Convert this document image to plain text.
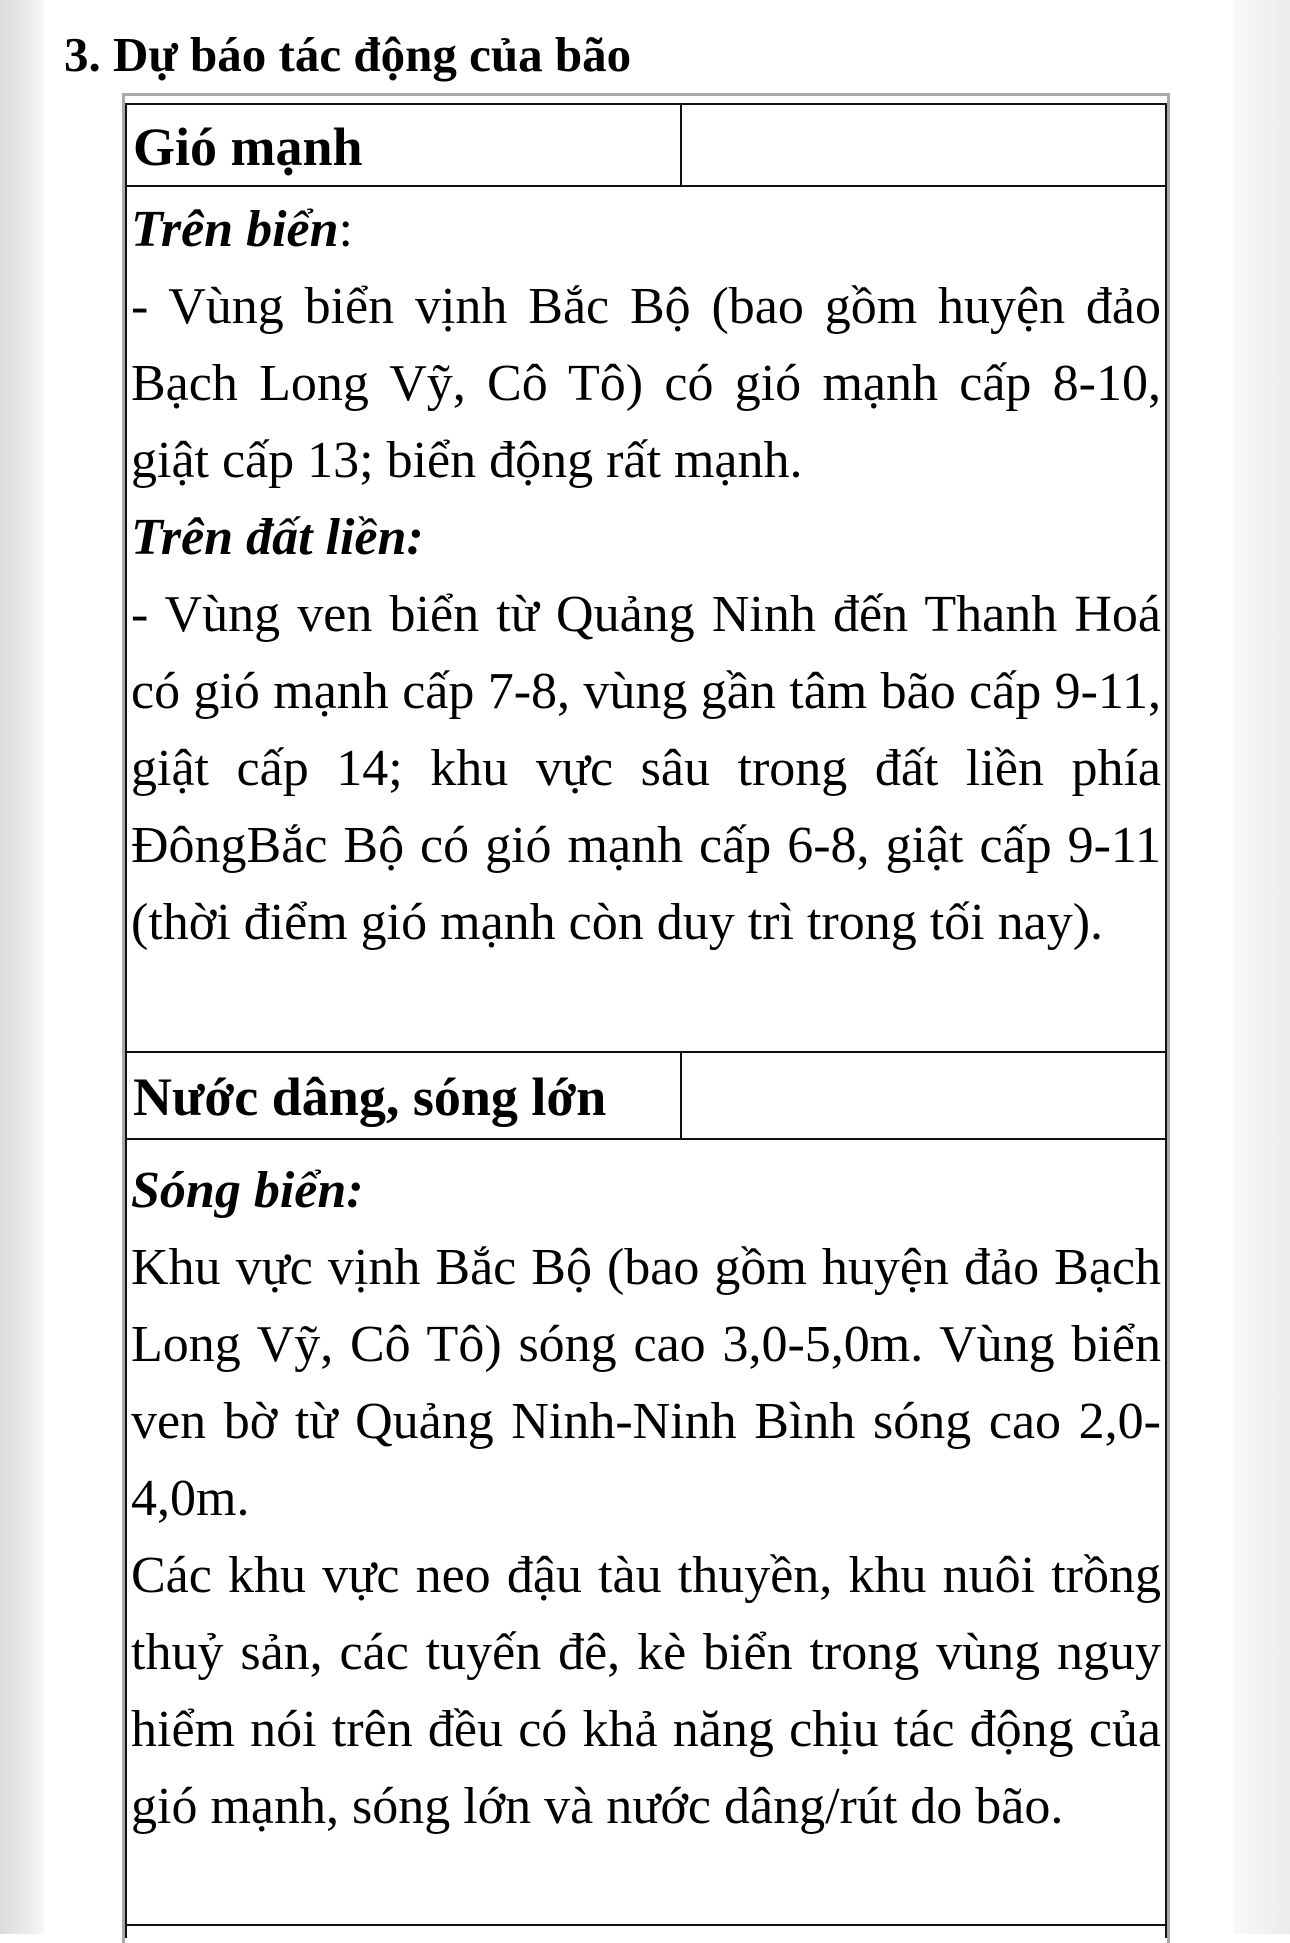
3. Dự báo tác động của bão
Gió mạnh

Trên biển:

- Vùng biển vịnh Bắc Bộ (bao gồm huyện đảo Bạch Long Vỹ, Cô Tô) có gió mạnh cấp 8-10, giật cấp 13; biển động rất mạnh.

Trên đất liền:

- Vùng ven biển từ Quảng Ninh đến Thanh Hoá có gió mạnh cấp 7-8, vùng gần tâm bão cấp 9-11, giật cấp 14; khu vực sâu trong đất liền phía ĐôngBắc Bộ có gió mạnh cấp 6-8, giật cấp 9-11 (thời điểm gió mạnh còn duy trì trong tối nay).

Nước dâng, sóng lớn

Sóng biển:

Khu vực vịnh Bắc Bộ (bao gồm huyện đảo Bạch Long Vỹ, Cô Tô) sóng cao 3,0-5,0m. Vùng biển ven bờ từ Quảng Ninh-Ninh Bình sóng cao 2,0-4,0m.

Các khu vực neo đậu tàu thuyền, khu nuôi trồng thuỷ sản, các tuyến đê, kè biển trong vùng nguy hiểm nói trên đều có khả năng chịu tác động của gió mạnh, sóng lớn và nước dâng/rút do bão.
